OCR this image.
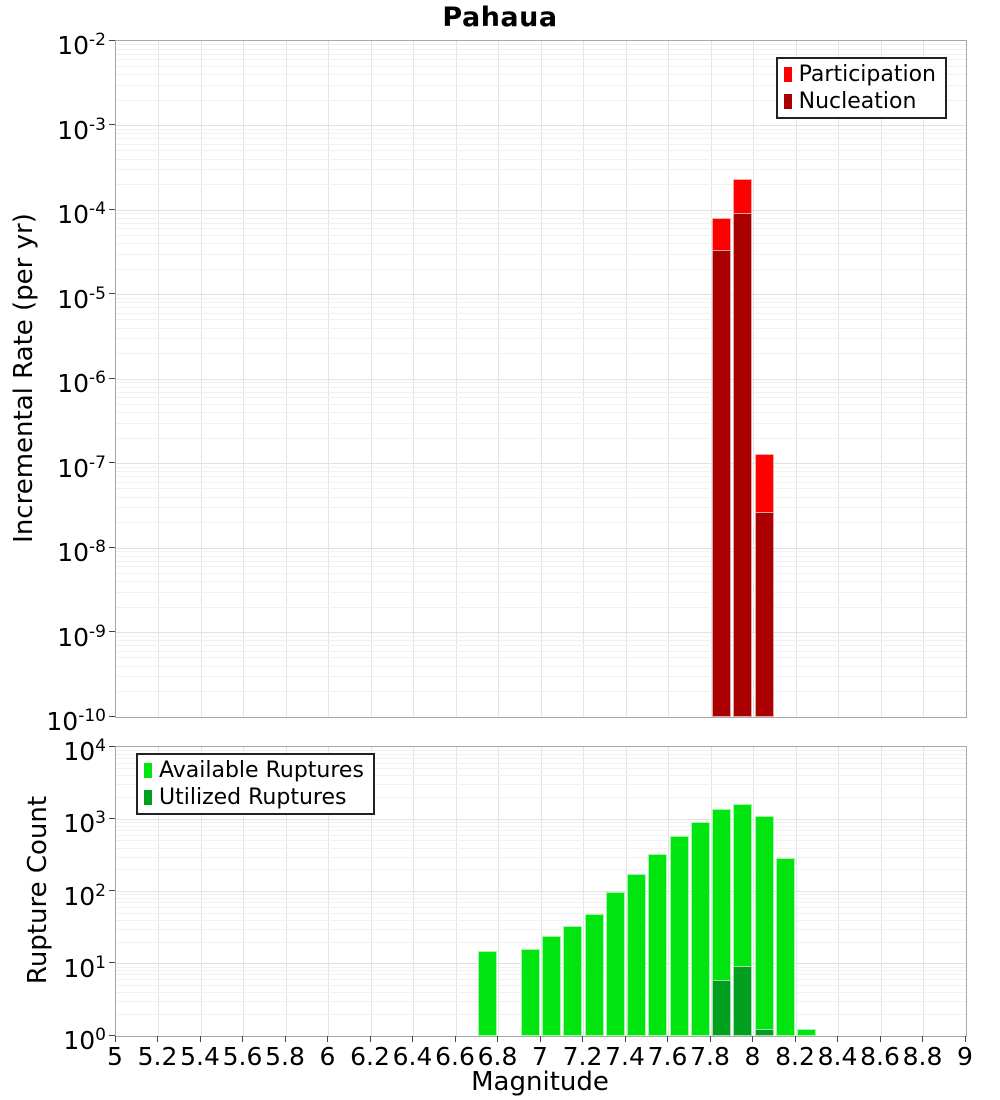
Pahaua
Participation
Nucleation
Available Ruptures
Utilized Ruptures
Incremental Rate (per yr)
Rupture Count
Magnitude
$10^{-2}$
$10^{-3}$
$10^{-4}$
$10^{-5}$
$10^{-6}$
$10^{-7}$
$10^{-8}$
$10^{-9}$
$10^{-10}$
$10^4$
$10^3$
$10^2$
$10^1$
$10^0$
5 5.2 5.4 5.6 5.8 6 6.2 6.4 6.6 6.8 7 7.2 7.4 7.6 7.8 8 8.2 8.4 8.6 8.8 9
